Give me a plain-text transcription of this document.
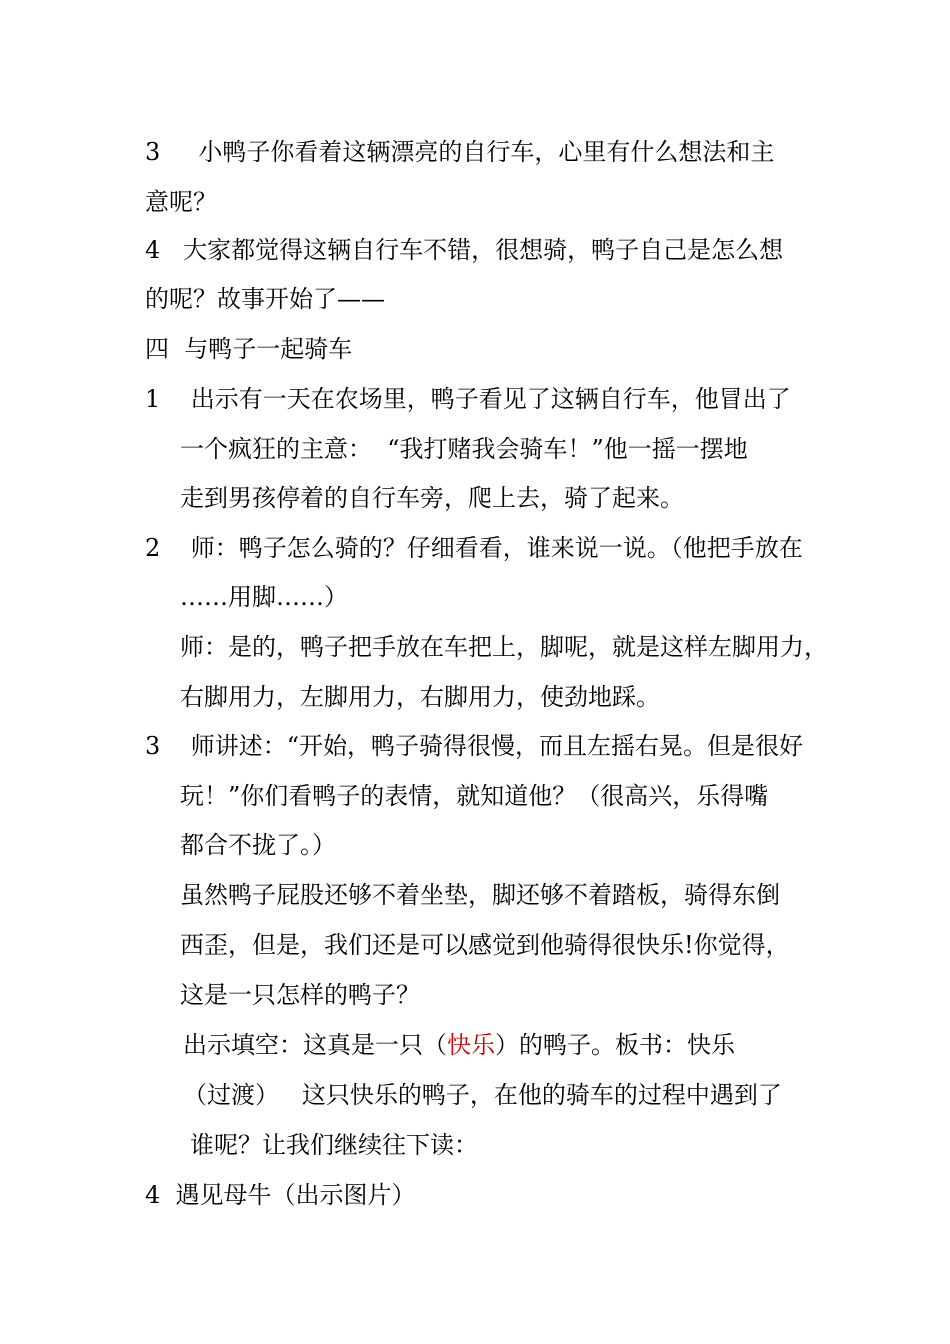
3     小鸭子你看着这辆漂亮的自行车，心里有什么想法和主
意呢？
4   大家都觉得这辆自行车不错，很想骑，鸭子自己是怎么想
的呢？故事开始了——
四  与鸭子一起骑车
1    出示有一天在农场里，鸭子看见了这辆自行车，他冒出了
一个疯狂的主意：  “我打赌我会骑车！”他一摇一摆地
走到男孩停着的自行车旁，爬上去，骑了起来。
2    师：鸭子怎么骑的？仔细看看，谁来说一说。（他把手放在
……用脚……）
师：是的，鸭子把手放在车把上，脚呢，就是这样左脚用力，
右脚用力，左脚用力，右脚用力，使劲地踩。
3    师讲述：“开始，鸭子骑得很慢，而且左摇右晃。但是很好
玩！”你们看鸭子的表情，就知道他？（很高兴，乐得嘴
都合不拢了。）
虽然鸭子屁股还够不着坐垫，脚还够不着踏板，骑得东倒
西歪，但是，我们还是可以感觉到他骑得很快乐!你觉得，
这是一只怎样的鸭子？
出示填空：这真是一只（快乐）的鸭子。板书：快乐
（过渡）   这只快乐的鸭子，在他的骑车的过程中遇到了
谁呢？让我们继续往下读：
4  遇见母牛（出示图片）
